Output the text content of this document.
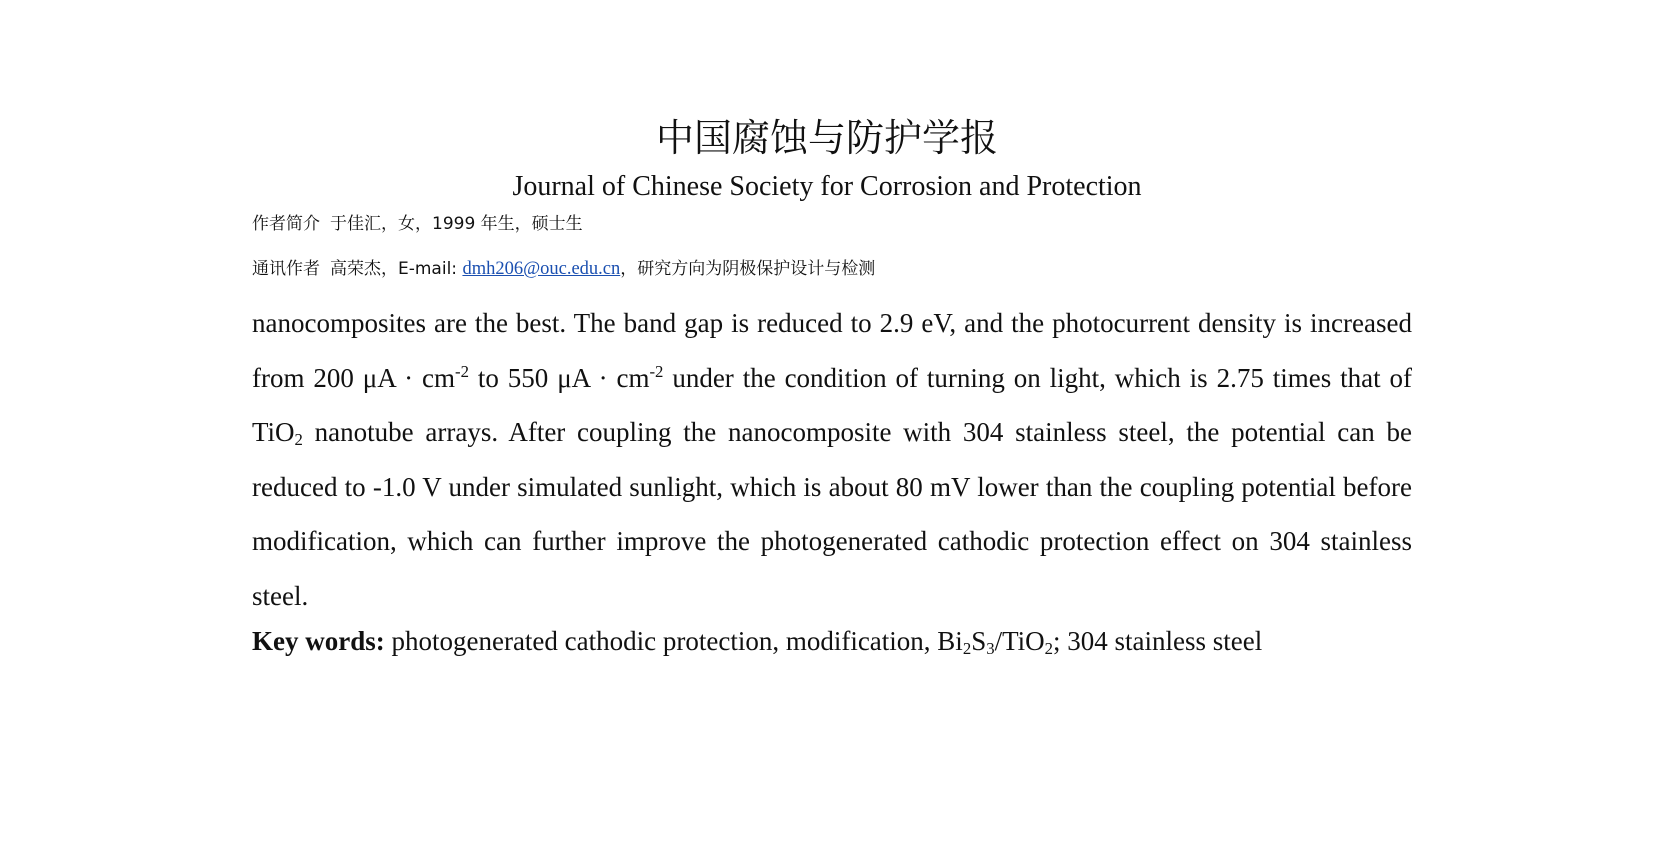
中国腐蚀与防护学报
Journal of Chinese Society for Corrosion and Protection
作者简介 于佳汇，女，1999 年生，硕士生
通讯作者 高荣杰，E-mail: dmh206@ouc.edu.cn，研究方向为阴极保护设计与检测

nanocomposites are the best. The band gap is reduced to 2.9 eV, and the photocurrent density is increased from 200 $\mu A \cdot cm^{-2}$ to 550 $\mu A \cdot cm^{-2}$ under the condition of turning on light, which is 2.75 times that of TiO$_2$ nanotube arrays. After coupling the nanocomposite with 304 stainless steel, the potential can be reduced to -1.0 V under simulated sunlight, which is about 80 mV lower than the coupling potential before modification, which can further improve the photogenerated cathodic protection effect on 304 stainless steel.

Key words: photogenerated cathodic protection, modification, $Bi_2S_3/TiO_2$; 304 stainless steel
